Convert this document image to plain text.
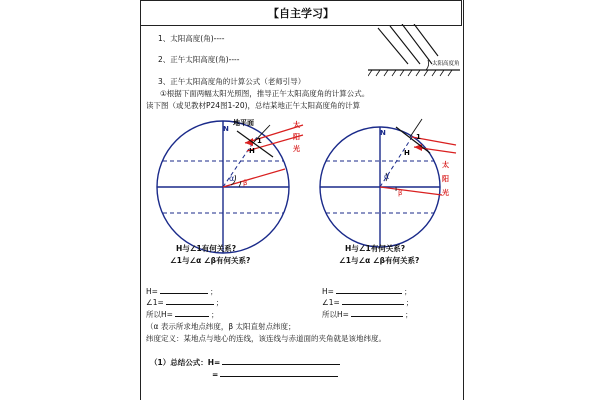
【自主学习】
1、太阳高度(角)----
2、正午太阳高度(角)----
3、正午太阳高度角的计算公式（老师引导）
①根据下面两幅太阳光照图，推导正午太阳高度角的计算公式。
读下图（或见教材P24图1-20)，总结某地正午太阳高度角的计算
太阳高度角
地平面
N
H
1
α β
太
阳
光
N
H
1
α
β
太
阳
光
H与∠1有何关系?
∠1与∠α ∠β有何关系?
H与∠1有何关系?
∠1与∠α ∠β有何关系?
H=	；
∠1=	；
所以H=	；
H=	；
∠1=	；
所以H=	；
（α 表示所求地点纬度，β 太阳直射点纬度；
纬度定义：某地点与地心的连线，该连线与赤道面的夹角就是该地纬度。
（1）总结公式：H=
=
